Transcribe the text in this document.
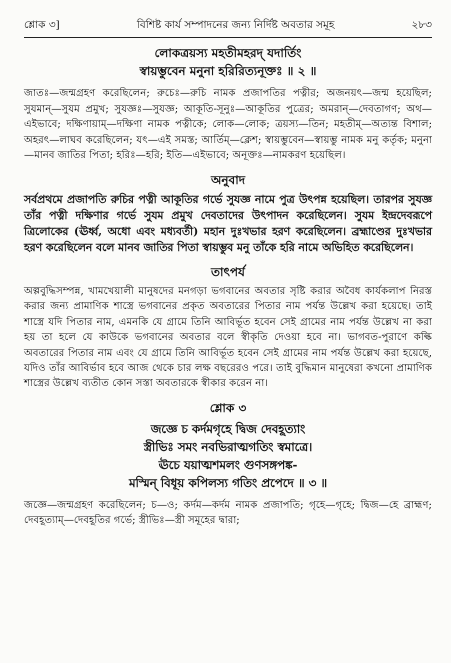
শ্লোক ৩]	বিশিষ্ট কার্য সম্পাদনের জন্য নির্দিষ্ট অবতার সমূহ	২৮৩
লোকত্রয়স্য মহতীমহরদ্ যদার্তিং
স্বায়ম্ভুবেন মনুনা হরিরিত্যনূক্তঃ ॥ ২ ॥
জাতঃ—জন্মগ্রহণ করেছিলেন; রুচেঃ—রুচি নামক প্রজাপতির পত্নীর; অজনয়ৎ—জন্ম হয়েছিল; সুযমান্—সুযম প্রমুখ; সুযজ্ঞঃ—সুযজ্ঞ; আকূতি-সূনুঃ—আকূতির পুত্রের; অমরান্—দেবতাগণ; অথ—এইভাবে; দক্ষিণায়াম্—দক্ষিণা নামক পত্নীকে; লোক—লোক; ত্রয়স্য—তিন; মহতীম্—অত্যন্ত বিশাল; অহরৎ—লাঘব করেছিলেন; যৎ—এই সমস্ত; আর্তিম্—ক্লেশ; স্বায়ম্ভুবেন—স্বায়ম্ভু নামক মনু কর্তৃক; মনুনা—মানব জাতির পিতা; হরিঃ—হরি; ইতি—এইভাবে; অনূক্তঃ—নামকরণ হয়েছিল।
অনুবাদ
সর্বপ্রথমে প্রজাপতি রুচির পত্নী আকূতির গর্ভে সুযজ্ঞ নামে পুত্র উৎপন্ন হয়েছিল। তারপর সুযজ্ঞ তাঁর পত্নী দক্ষিণার গর্ভে সুযম প্রমুখ দেবতাদের উৎপাদন করেছিলেন। সুযম ইন্দ্রদেবরূপে ত্রিলোকের (ঊর্ধ্ব, অধো এবং মধ্যবর্তী) মহান দুঃখভার হরণ করেছিলেন। ব্রহ্মাণ্ডের দুঃখভার হরণ করেছিলেন বলে মানব জাতির পিতা স্বায়ম্ভুব মনু তাঁকে হরি নামে অভিহিত করেছিলেন।
তাৎপর্য
অল্পবুদ্ধিসম্পন্ন, খামখেয়ালী মানুষদের মনগড়া ভগবানের অবতার সৃষ্টি করার অবৈধ কার্যকলাপ নিরস্ত করার জন্য প্রামাণিক শাস্ত্রে ভগবানের প্রকৃত অবতারের পিতার নাম পর্যন্ত উল্লেখ করা হয়েছে। তাই শাস্ত্রে যদি পিতার নাম, এমনকি যে গ্রামে তিনি আবির্ভূত হবেন সেই গ্রামের নাম পর্যন্ত উল্লেখ না করা হয় তা হলে যে কাউকে ভগবানের অবতার বলে স্বীকৃতি দেওয়া হবে না। ভাগবত-পুরাণে কল্কি অবতারের পিতার নাম এবং যে গ্রামে তিনি আবির্ভূত হবেন সেই গ্রামের নাম পর্যন্ত উল্লেখ করা হয়েছে, যদিও তাঁর আবির্ভাব হবে আজ থেকে চার লক্ষ বছরেরও পরে। তাই বুদ্ধিমান মানুষেরা কখনো প্রামাণিক শাস্ত্রের উল্লেখ ব্যতীত কোন সস্তা অবতারকে স্বীকার করেন না।
শ্লোক ৩
জজ্ঞে চ কর্দমগৃহে দ্বিজ দেবহূত্যাং
স্ত্রীভিঃ সমং নবভিরাত্মগতিং স্বমাত্রে।
ঊচে যয়াত্মশমলং গুণসঙ্গপঙ্ক-
মস্মিন্ বিধূয় কপিলস্য গতিং প্রপেদে ॥ ৩ ॥
জজ্ঞে—জন্মগ্রহণ করেছিলেন; চ—ও; কর্দম—কর্দম নামক প্রজাপতি; গৃহে—গৃহে; দ্বিজ—হে ব্রাহ্মণ; দেবহূত্যাম্—দেবহূতির গর্ভে; স্ত্রীভিঃ—স্ত্রী সমূহের দ্বারা;
